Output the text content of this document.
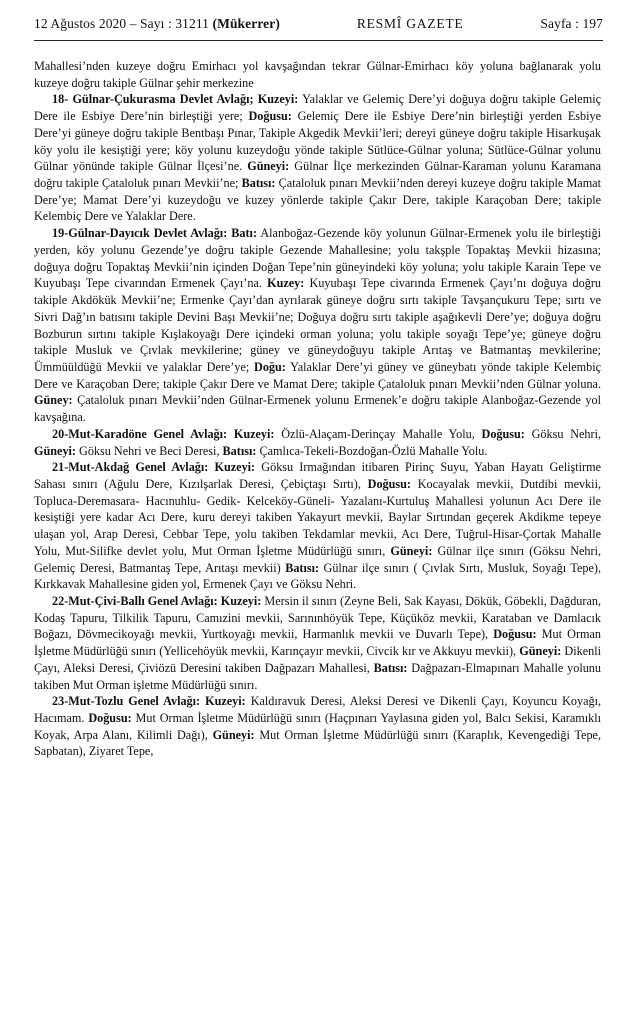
12 Ağustos 2020 – Sayı : 31211 (Mükerrer)	RESMÎ GAZETE	Sayfa : 197

Mahallesi’nden kuzeye doğru Emirhacı yol kavşağından tekrar Gülnar-Emirhacı köy yoluna bağlanarak yolu kuzeye doğru takiple Gülnar şehir merkezine

18- Gülnar-Çukurasma Devlet Avlağı; Kuzeyi: Yalaklar ve Gelemiç Dere’yi doğuya doğru takiple Gelemiç Dere ile Esbiye Dere’nin birleştiği yere; Doğusu: Gelemiç Dere ile Esbiye Dere’nin birleştiği yerden Esbiye Dere’yi güneye doğru takiple Bentbaşı Pınar, Takiple Akgedik Mevkii’leri; dereyi güneye doğru takiple Hisarkuşak köy yolu ile kesiştiği yere; köy yolunu kuzeydoğu yönde takiple Sütlüce-Gülnar yoluna; Sütlüce-Gülnar yolunu Gülnar yönünde takiple Gülnar İlçesi’ne. Güneyi: Gülnar İlçe merkezinden Gülnar-Karaman yolunu Karamana doğru takiple Çataloluk pınarı Mevkii’ne; Batısı: Çataloluk pınarı Mevkii’nden dereyi kuzeye doğru takiple Mamat Dere’ye; Mamat Dere’yi kuzeydoğu ve kuzey yönlerde takiple Çakır Dere, takiple Karaçoban Dere; takiple Kelembiç Dere ve Yalaklar Dere.

19-Gülnar-Dayıcık Devlet Avlağı: Batı: Alanboğaz-Gezende köy yolunun Gülnar-Ermenek yolu ile birleştiği yerden, köy yolunu Gezende’ye doğru takiple Gezende Mahallesine; yolu takşple Topaktaş Mevkii hizasına; doğuya doğru Topaktaş Mevkii’nin içinden Doğan Tepe’nin güneyindeki köy yoluna; yolu takiple Karain Tepe ve Kuyubaşı Tepe civarından Ermenek Çayı’na. Kuzey: Kuyubaşı Tepe civarında Ermenek Çayı’nı doğuya doğru takiple Akdökük Mevkii’ne; Ermenke Çayı’dan ayrılarak güneye doğru sırtı takiple Tavşançukuru Tepe; sırtı ve Sivri Dağ’ın batısını takiple Devini Başı Mevkii’ne; Doğuya doğru sırtı takiple aşağıkevli Dere’ye; doğuya doğru Bozburun sırtını takiple Kışlakoyağı Dere içindeki orman yoluna; yolu takiple soyağı Tepe’ye; güneye doğru takiple Musluk ve Çıvlak mevkilerine; güney ve güneydoğuyu takiple Arıtaş ve Batmantaş mevkilerine; Ümmüüldüğü Mevkii ve yalaklar Dere’ye; Doğu: Yalaklar Dere’yi güney ve güneybatı yönde takiple Kelembiç Dere ve Karaçoban Dere; takiple Çakır Dere ve Mamat Dere; takiple Çataloluk pınarı Mevkii’nden Gülnar yoluna. Güney: Çataloluk pınarı Mevkii’nden Gülnar-Ermenek yolunu Ermenek’e doğru takiple Alanboğaz-Gezende yol kavşağına.

20-Mut-Karadöne Genel Avlağı: Kuzeyi: Özlü-Alaçam-Derinçay Mahalle Yolu, Doğusu: Göksu Nehri, Güneyi: Göksu Nehri ve Beci Deresi, Batısı: Çamlıca-Tekeli-Bozdoğan-Özlü Mahalle Yolu.

21-Mut-Akdağ Genel Avlağı: Kuzeyi: Göksu Irmağından itibaren Pirinç Suyu, Yaban Hayatı Geliştirme Sahası sınırı (Ağulu Dere, Kızılşarlak Deresi, Çebiçtaşı Sırtı), Doğusu: Kocayalak mevkii, Dutdibi mevkii, Topluca-Deremasara- Hacınuhlu- Gedik- Kelceköy-Güneli- Yazalanı-Kurtuluş Mahallesi yolunun Acı Dere ile kesiştiği yere kadar Acı Dere, kuru dereyi takiben Yakayurt mevkii, Baylar Sırtından geçerek Akdikme tepeye ulaşan yol, Arap Deresi, Cebbar Tepe, yolu takiben Tekdamlar mevkii, Acı Dere, Tuğrul-Hisar-Çortak Mahalle Yolu, Mut-Silifke devlet yolu, Mut Orman İşletme Müdürlüğü sınırı, Güneyi: Gülnar ilçe sınırı (Göksu Nehri, Gelemiç Deresi, Batmantaş Tepe, Arıtaşı mevkii) Batısı: Gülnar ilçe sınırı ( Çıvlak Sırtı, Musluk, Soyağı Tepe), Kırkkavak Mahallesine giden yol, Ermenek Çayı ve Göksu Nehri.

22-Mut-Çivi-Ballı Genel Avlağı: Kuzeyi: Mersin il sınırı (Zeyne Beli, Sak Kayası, Dökük, Göbekli, Dağduran, Kodaş Tapuru, Tilkilik Tapuru, Camızini mevkii, Sarınınhöyük Tepe, Küçüköz mevkii, Karataban ve Damlacık Boğazı, Dövmecikoyağı mevkii, Yurtkoyağı mevkii, Harmanlık mevkii ve Duvarlı Tepe), Doğusu: Mut Orman İşletme Müdürlüğü sınırı (Yellicehöyük mevkii, Karınçayır mevkii, Civcik kır ve Akkuyu mevkii), Güneyi: Dikenli Çayı, Aleksi Deresi, Çiviözü Deresini takiben Dağpazarı Mahallesi, Batısı: Dağpazarı-Elmapınarı Mahalle yolunu takiben Mut Orman işletme Müdürlüğü sınırı.

23-Mut-Tozlu Genel Avlağı: Kuzeyi: Kaldıravuk Deresi, Aleksi Deresi ve Dikenli Çayı, Koyuncu Koyağı, Hacımam. Doğusu: Mut Orman İşletme Müdürlüğü sınırı (Haçpınarı Yaylasına giden yol, Balcı Sekisi, Karamıklı Koyak, Arpa Alanı, Kilimli Dağı), Güneyi: Mut Orman İşletme Müdürlüğü sınırı (Karaplık, Kevengediği Tepe, Sapbatan), Ziyaret Tepe,
